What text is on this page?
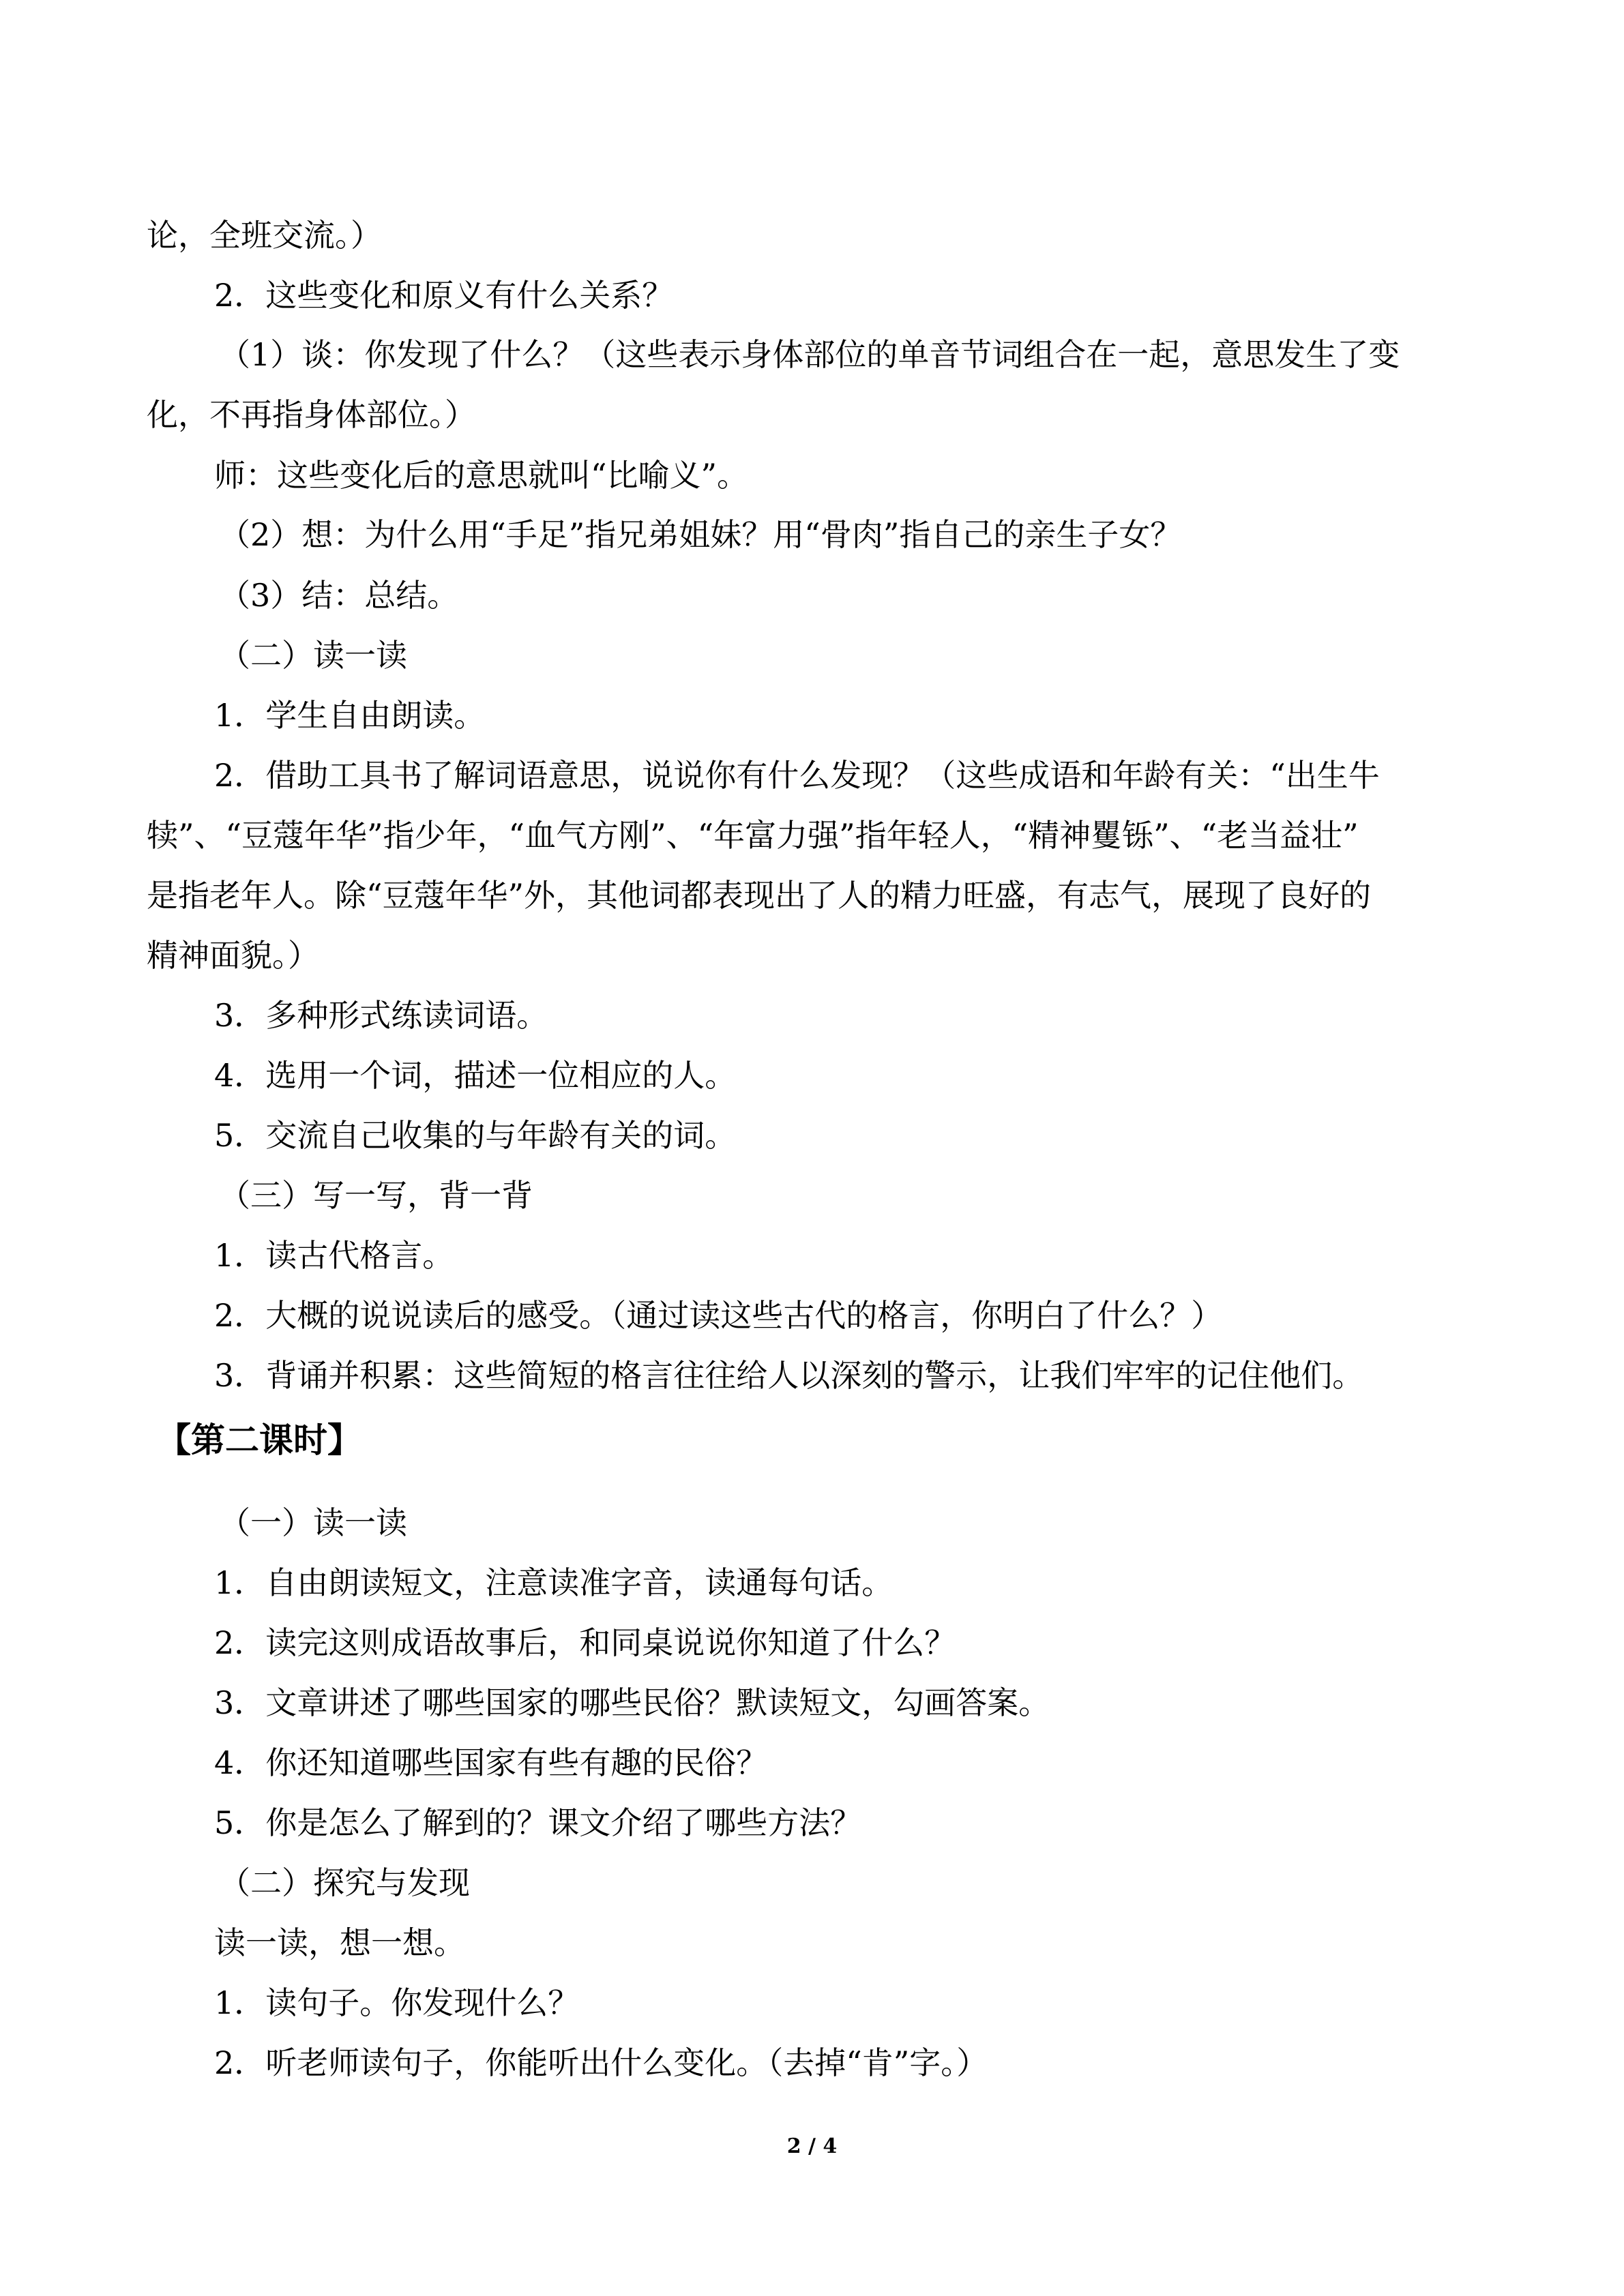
论，全班交流。）
2．这些变化和原义有什么关系？
（1）谈：你发现了什么？（这些表示身体部位的单音节词组合在一起，意思发生了变
化，不再指身体部位。）
师：这些变化后的意思就叫“比喻义”。
（2）想：为什么用“手足”指兄弟姐妹？用“骨肉”指自己的亲生子女？
（3）结：总结。
（二）读一读
1．学生自由朗读。
2．借助工具书了解词语意思，说说你有什么发现？（这些成语和年龄有关：“出生牛
犊”、“豆蔻年华”指少年，“血气方刚”、“年富力强”指年轻人，“精神矍铄”、“老当益壮”
是指老年人。除“豆蔻年华”外，其他词都表现出了人的精力旺盛，有志气，展现了良好的
精神面貌。）
3．多种形式练读词语。
4．选用一个词，描述一位相应的人。
5．交流自己收集的与年龄有关的词。
（三）写一写，背一背
1．读古代格言。
2．大概的说说读后的感受。（通过读这些古代的格言，你明白了什么？）
3．背诵并积累：这些简短的格言往往给人以深刻的警示，让我们牢牢的记住他们。
【第二课时】
（一）读一读
1．自由朗读短文，注意读准字音，读通每句话。
2．读完这则成语故事后，和同桌说说你知道了什么？
3．文章讲述了哪些国家的哪些民俗？默读短文，勾画答案。
4．你还知道哪些国家有些有趣的民俗？
5．你是怎么了解到的？课文介绍了哪些方法？
（二）探究与发现
读一读，想一想。
1．读句子。你发现什么？
2．听老师读句子，你能听出什么变化。（去掉“肯”字。）
2 / 4
